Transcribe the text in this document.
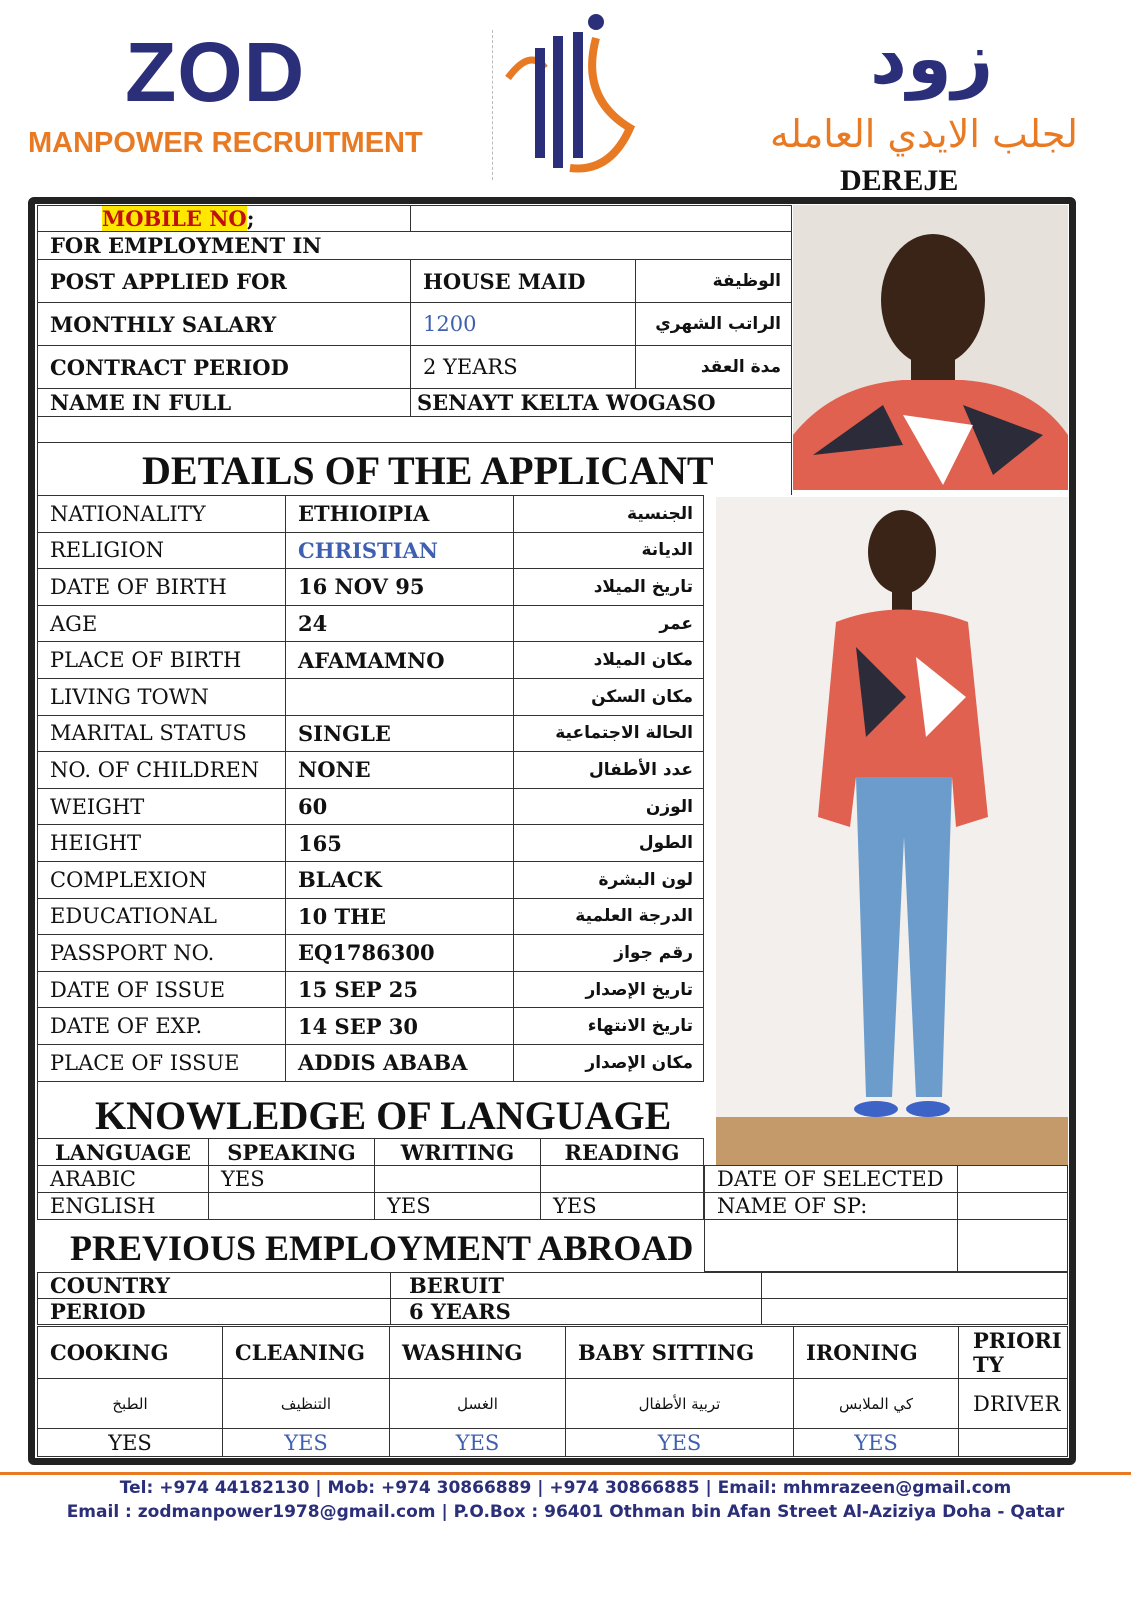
ZOD
MANPOWER RECRUITMENT
زود
لجلب الايدي العامله
DEREJE
MOBILE NO;		
FOR EMPLOYMENT IN		
POST APPLIED FOR	HOUSE MAID	الوظيفة
MONTHLY SALARY	1200	الراتب الشهري
CONTRACT PERIOD	2 YEARS	مدة العقد
NAME IN FULL	SENAYT KELTA WOGASO	

DETAILS OF THE APPLICANT
NATIONALITY	ETHIOIPIA	الجنسية
RELIGION	CHRISTIAN	الديانة
DATE OF BIRTH	16 NOV 95	تاريخ الميلاد
AGE	24	عمر
PLACE OF BIRTH	AFAMAMNO	مكان الميلاد
LIVING TOWN		مكان السكن
MARITAL STATUS	SINGLE	الحالة الاجتماعية
NO. OF CHILDREN	NONE	عدد الأطفال
WEIGHT	60	الوزن
HEIGHT	165	الطول
COMPLEXION	BLACK	لون البشرة
EDUCATIONAL	10 THE	الدرجة العلمية
PASSPORT NO.	EQ1786300	رقم جواز
DATE OF ISSUE	15 SEP 25	تاريخ الإصدار
DATE OF EXP.	14 SEP 30	تاريخ الانتهاء
PLACE OF ISSUE	ADDIS ABABA	مكان الإصدار
KNOWLEDGE OF LANGUAGE
LANGUAGE	SPEAKING	WRITING	READING
ARABIC	YES		
ENGLISH		YES	YES
DATE OF SELECTED	
NAME OF SP:	

PREVIOUS EMPLOYMENT ABROAD
COUNTRY	BERUIT	
PERIOD	6 YEARS	
COOKING	CLEANING	WASHING	BABY SITTING	IRONING	PRIORI TY
الطبخ	التنظيف	الغسل	تربية الأطفال	كي الملابس	DRIVER
YES	YES	YES	YES	YES	
Tel: +974 44182130 | Mob: +974 30866889 | +974 30866885 | Email: mhmrazeen@gmail.com
Email : zodmanpower1978@gmail.com | P.O.Box : 96401 Othman bin Afan Street Al-Aziziya Doha - Qatar
